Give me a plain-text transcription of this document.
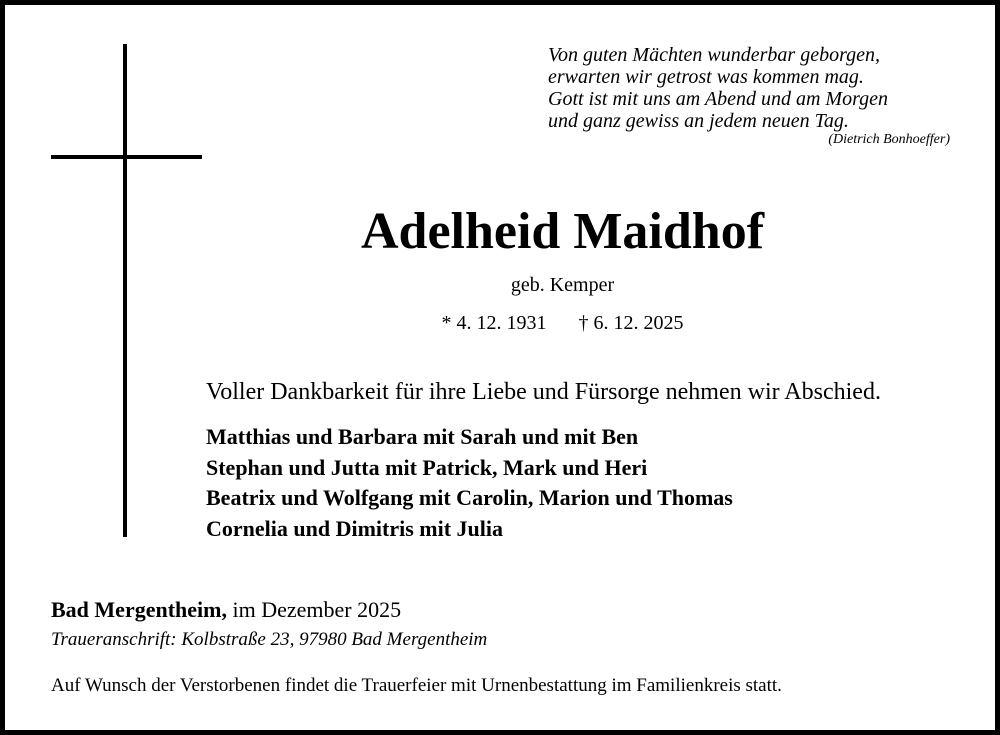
Von guten Mächten wunderbar geborgen,
erwarten wir getrost was kommen mag.
Gott ist mit uns am Abend und am Morgen
und ganz gewiss an jedem neuen Tag.
(Dietrich Bonhoeffer)
Adelheid Maidhof
geb. Kemper
* 4. 12. 1931 † 6. 12. 2025
Voller Dankbarkeit für ihre Liebe und Fürsorge nehmen wir Abschied.
Matthias und Barbara mit Sarah und mit Ben
Stephan und Jutta mit Patrick, Mark und Heri
Beatrix und Wolfgang mit Carolin, Marion und Thomas
Cornelia und Dimitris mit Julia
Bad Mergentheim, im Dezember 2025
Traueranschrift: Kolbstraße 23, 97980 Bad Mergentheim
Auf Wunsch der Verstorbenen findet die Trauerfeier mit Urnenbestattung im Familienkreis statt.
